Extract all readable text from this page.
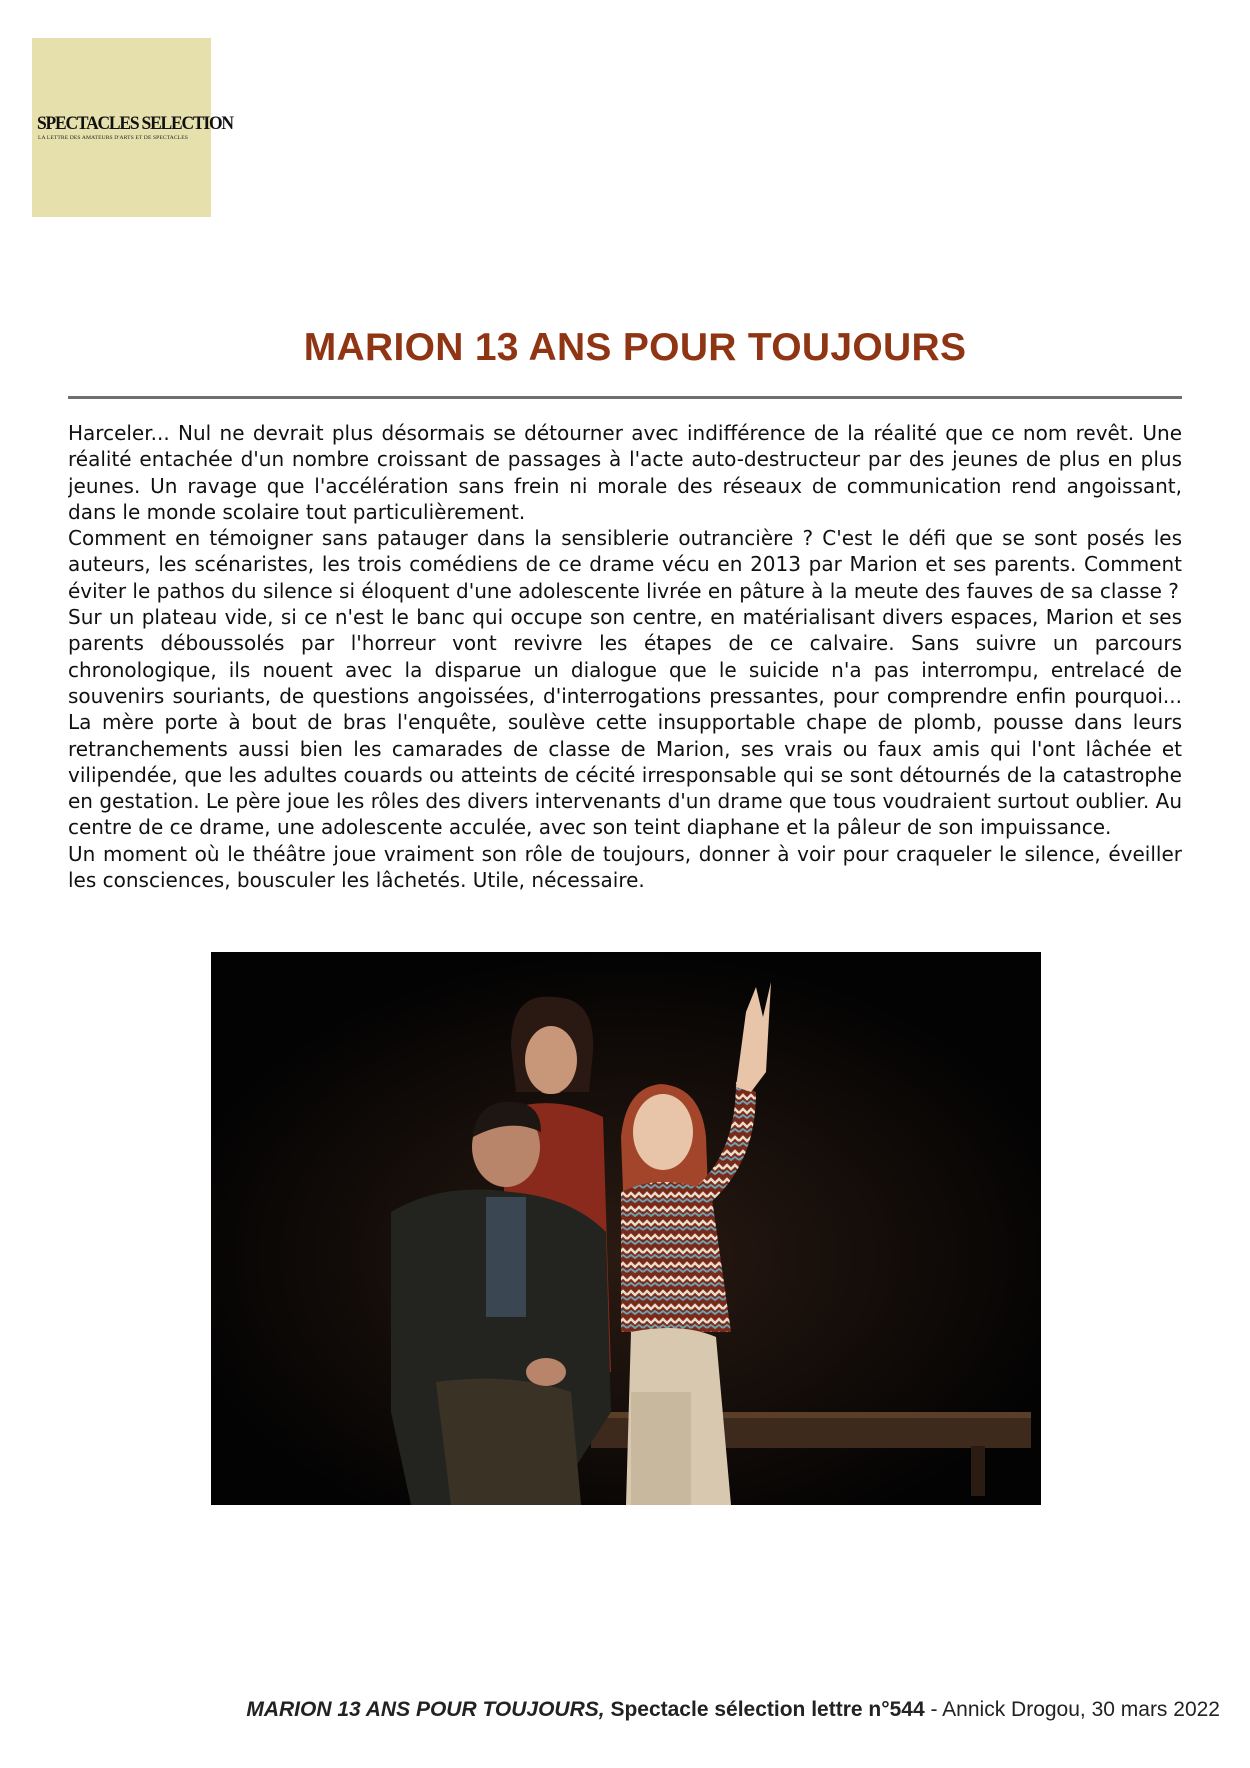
SPECTACLES SELECTION
LA LETTRE DES AMATEURS D'ARTS ET DE SPECTACLES
MARION 13 ANS POUR TOUJOURS

Harceler... Nul ne devrait plus désormais se détourner avec indifférence de la réalité que ce nom revêt. Une réalité entachée d'un nombre croissant de passages à l'acte auto-destructeur par des jeunes de plus en plus jeunes. Un ravage que l'accélération sans frein ni morale des réseaux de communication rend angoissant, dans le monde scolaire tout particulièrement.

Comment en témoigner sans patauger dans la sensiblerie outrancière ? C'est le défi que se sont posés les auteurs, les scénaristes, les trois comédiens de ce drame vécu en 2013 par Marion et ses parents. Comment éviter le pathos du silence si éloquent d'une adolescente livrée en pâture à la meute des fauves de sa classe ?

Sur un plateau vide, si ce n'est le banc qui occupe son centre, en matérialisant divers espaces, Marion et ses parents déboussolés par l'horreur vont revivre les étapes de ce calvaire. Sans suivre un parcours chronologique, ils nouent avec la disparue un dialogue que le suicide n'a pas interrompu, entrelacé de souvenirs souriants, de questions angoissées, d'interrogations pressantes, pour comprendre enfin pourquoi... La mère porte à bout de bras l'enquête, soulève cette insupportable chape de plomb, pousse dans leurs retranchements aussi bien les camarades de classe de Marion, ses vrais ou faux amis qui l'ont lâchée et vilipendée, que les adultes couards ou atteints de cécité irresponsable qui se sont détournés de la catastrophe en gestation. Le père joue les rôles des divers intervenants d'un drame que tous voudraient surtout oublier. Au centre de ce drame, une adolescente acculée, avec son teint diaphane et la pâleur de son impuissance.

Un moment où le théâtre joue vraiment son rôle de toujours, donner à voir pour craqueler le silence, éveiller les consciences, bousculer les lâchetés. Utile, nécessaire.

MARION 13 ANS POUR TOUJOURS, Spectacle sélection lettre n°544 - Annick Drogou, 30 mars 2022
